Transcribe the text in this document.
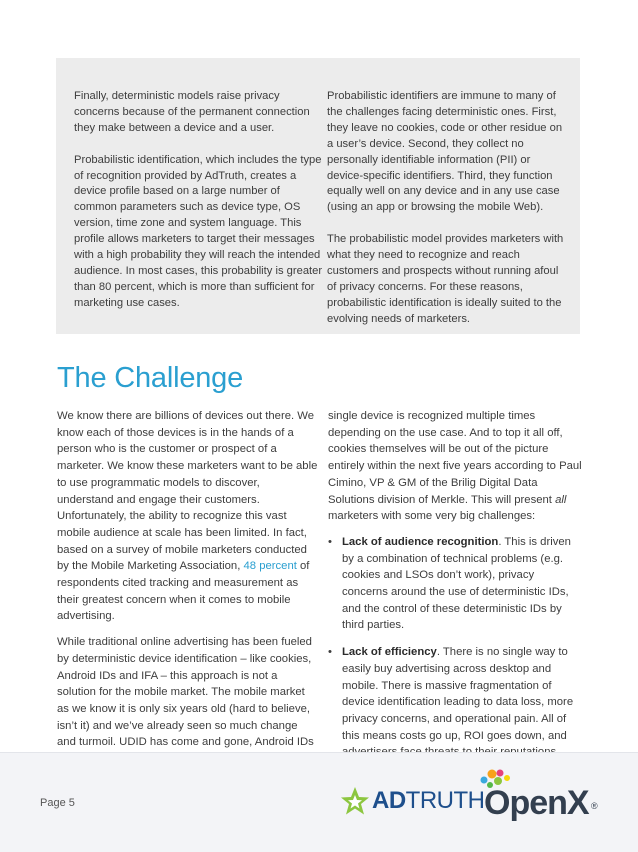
Finally, deterministic models raise privacy concerns because of the permanent connection they make between a device and a user.

Probabilistic identification, which includes the type of recognition provided by AdTruth, creates a device profile based on a large number of common parameters such as device type, OS version, time zone and system language. This profile allows marketers to target their messages with a high probability they will reach the intended audience. In most cases, this probability is greater than 80 percent, which is more than sufficient for marketing use cases.

Probabilistic identifiers are immune to many of the challenges facing deterministic ones. First, they leave no cookies, code or other residue on a user’s device. Second, they collect no personally identifiable information (PII) or device-specific identifiers. Third, they function equally well on any device and in any use case (using an app or browsing the mobile Web).

The probabilistic model provides marketers with what they need to recognize and reach customers and prospects without running afoul of privacy concerns. For these reasons, probabilistic identification is ideally suited to the evolving needs of marketers.

The Challenge

We know there are billions of devices out there. We know each of those devices is in the hands of a person who is the customer or prospect of a marketer. We know these marketers want to be able to use programmatic models to discover, understand and engage their customers. Unfortunately, the ability to recognize this vast mobile audience at scale has been limited. In fact, based on a survey of mobile marketers conducted by the Mobile Marketing Association, 48 percent of respondents cited tracking and measurement as their greatest concern when it comes to mobile advertising.

While traditional online advertising has been fueled by deterministic device identification – like cookies, Android IDs and IFA – this approach is not a solution for the mobile market. The mobile market as we know it is only six years old (hard to believe, isn’t it) and we’ve already seen so much change and turmoil. UDID has come and gone, Android IDs

single device is recognized multiple times depending on the use case. And to top it all off, cookies themselves will be out of the picture entirely within the next five years according to Paul Cimino, VP & GM of the Brilig Digital Data Solutions division of Merkle. This will present all marketers with some very big challenges:

• Lack of audience recognition. This is driven by a combination of technical problems (e.g. cookies and LSOs don’t work), privacy concerns around the use of deterministic IDs, and the control of these deterministic IDs by third parties.
• Lack of efficiency. There is no single way to easily buy advertising across desktop and mobile. There is massive fragmentation of device identification leading to data loss, more privacy concerns, and operational pain. All of this means costs go up, ROI goes down, and
Page 5	ADTRUTH OpenX ®
